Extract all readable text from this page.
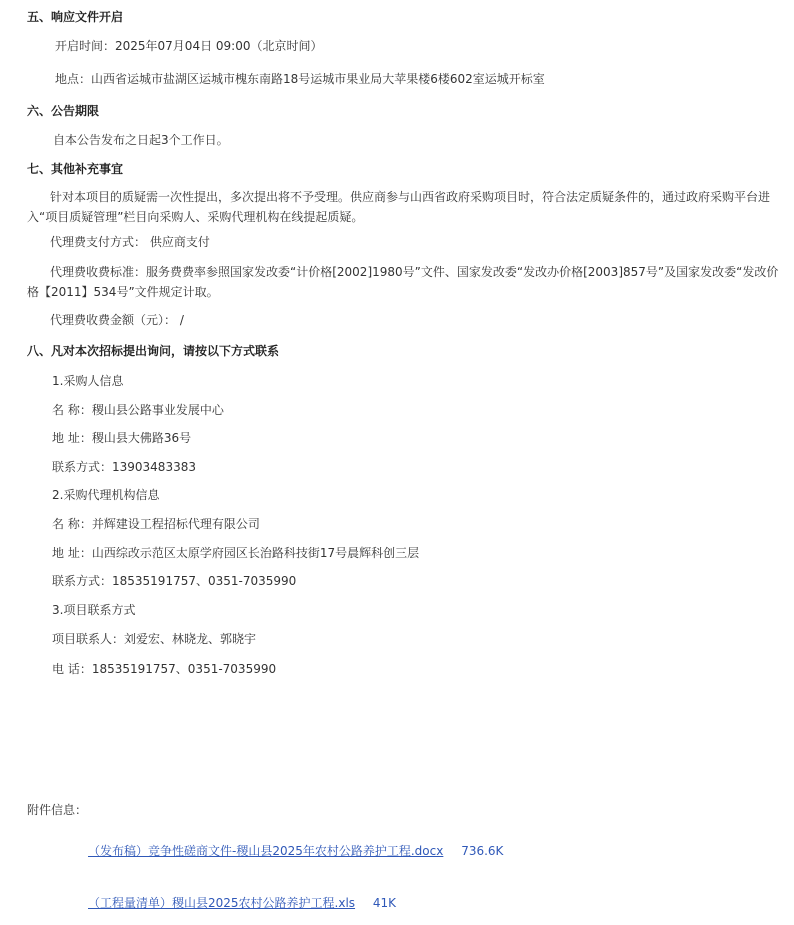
五、响应文件开启
开启时间：2025年07月04日 09:00（北京时间）
地点：山西省运城市盐湖区运城市槐东南路18号运城市果业局大苹果楼6楼602室运城开标室
六、公告期限
自本公告发布之日起3个工作日。
七、其他补充事宜
针对本项目的质疑需一次性提出，多次提出将不予受理。供应商参与山西省政府采购项目时，符合法定质疑条件的，通过政府采购平台进入“项目质疑管理”栏目向采购人、采购代理机构在线提起质疑。
代理费支付方式： 供应商支付
代理费收费标准：服务费费率参照国家发改委“计价格[2002]1980号”文件、国家发改委“发改办价格[2003]857号”及国家发改委“发改价格【2011】534号”文件规定计取。
代理费收费金额（元）： /
八、凡对本次招标提出询问，请按以下方式联系
1.采购人信息
名 称：稷山县公路事业发展中心
地 址：稷山县大佛路36号
联系方式：13903483383
2.采购代理机构信息
名 称：并辉建设工程招标代理有限公司
地 址：山西综改示范区太原学府园区长治路科技街17号晨辉科创三层
联系方式：18535191757、0351-7035990
3.项目联系方式
项目联系人：刘爱宏、林晓龙、郭晓宇
电 话：18535191757、0351-7035990
附件信息：
（发布稿）竞争性磋商文件-稷山县2025年农村公路养护工程.docx 736.6K
（工程量清单）稷山县2025农村公路养护工程.xls 41K
